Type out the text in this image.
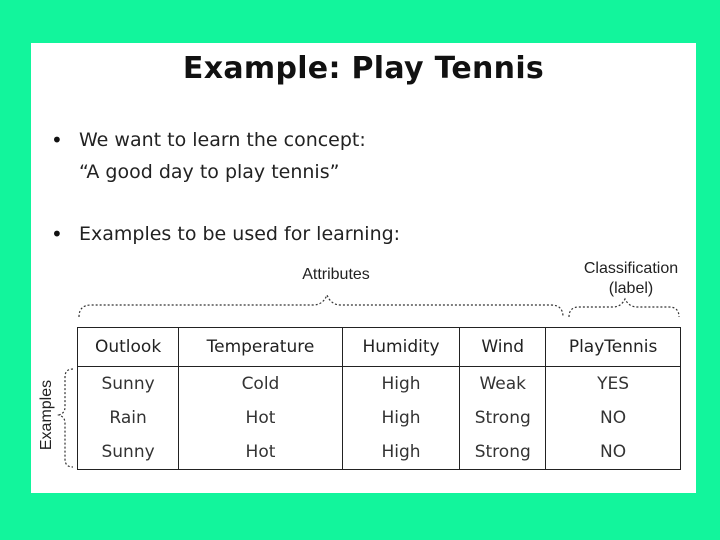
Example: Play Tennis
• We want to learn the concept:
“A good day to play tennis”
• Examples to be used for learning:
Attributes	Classification
(label)
Examples
Outlook	Temperature	Humidity	Wind	PlayTennis
Sunny	Cold	High	Weak	YES
Rain	Hot	High	Strong	NO
Sunny	Hot	High	Strong	NO
